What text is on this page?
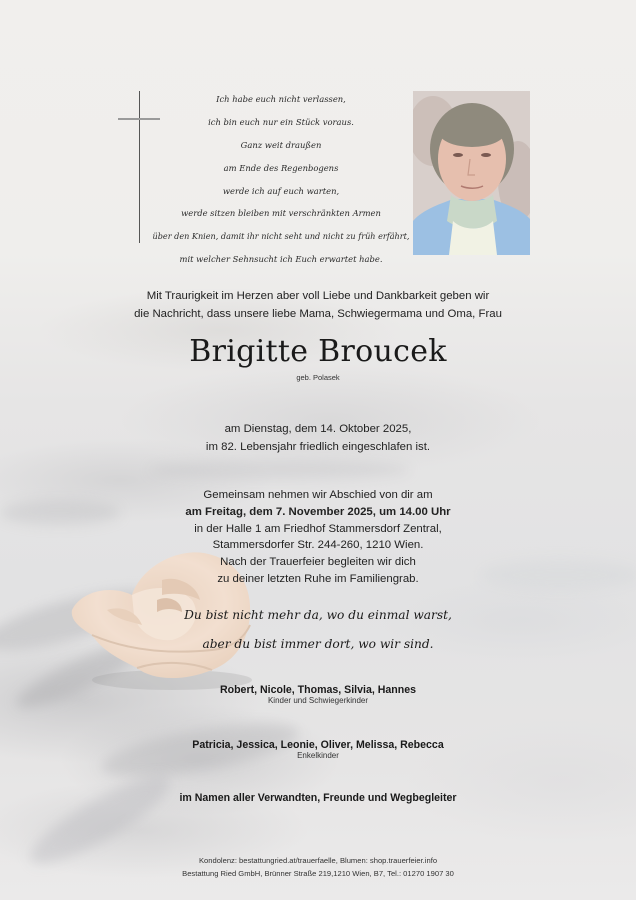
Ich habe euch nicht verlassen,
ich bin euch nur ein Stück voraus.
Ganz weit draußen
am Ende des Regenbogens
werde ich auf euch warten,
werde sitzen bleiben mit verschränkten Armen
über den Knien, damit ihr nicht seht und nicht zu früh erfährt,
mit welcher Sehnsucht ich Euch erwartet habe.
Mit Traurigkeit im Herzen aber voll Liebe und Dankbarkeit geben wir
die Nachricht, dass unsere liebe Mama, Schwiegermama und Oma, Frau
Brigitte Broucek
geb. Polasek
am Dienstag, dem 14. Oktober 2025,
im 82. Lebensjahr friedlich eingeschlafen ist.
Gemeinsam nehmen wir Abschied von dir am
am Freitag, dem 7. November 2025, um 14.00 Uhr
in der Halle 1 am Friedhof Stammersdorf Zentral,
Stammersdorfer Str. 244-260, 1210 Wien.
Nach der Trauerfeier begleiten wir dich
zu deiner letzten Ruhe im Familiengrab.
Du bist nicht mehr da, wo du einmal warst,
aber du bist immer dort, wo wir sind.
Robert, Nicole, Thomas, Silvia, Hannes
Kinder und Schwiegerkinder
Patricia, Jessica, Leonie, Oliver, Melissa, Rebecca
Enkelkinder
im Namen aller Verwandten, Freunde und Wegbegleiter
Kondolenz: bestattungried.at/trauerfaelle, Blumen: shop.trauerfeier.info
Bestattung Ried GmbH, Brünner Straße 219,1210 Wien, B7, Tel.: 01270 1907 30
